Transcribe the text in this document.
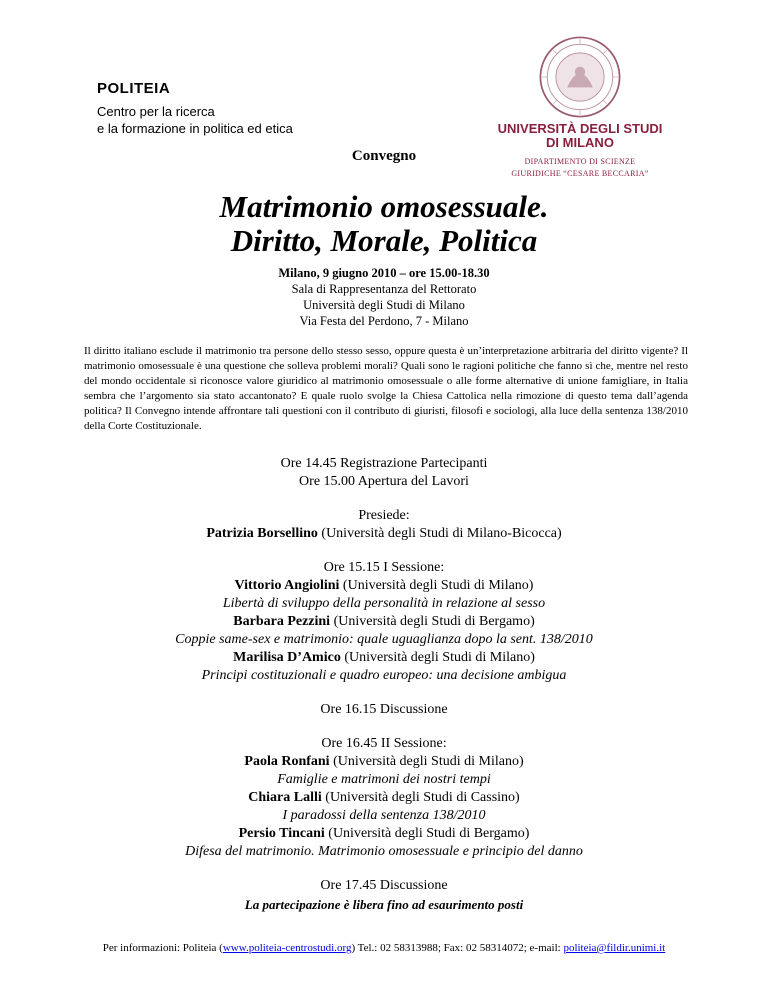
POLITEIA
Centro per la ricerca
e la formazione in politica ed etica	UNIVERSITÀ DEGLI STUDI
DI MILANO
DIPARTIMENTO DI SCIENZE
GIURIDICHE “CESARE BECCARIA”
Convegno
Matrimonio omosessuale.
Diritto, Morale, Politica
Milano, 9 giugno 2010 – ore 15.00-18.30
Sala di Rappresentanza del Rettorato
Università degli Studi di Milano
Via Festa del Perdono, 7 - Milano
Il diritto italiano esclude il matrimonio tra persone dello stesso sesso, oppure questa è un’interpretazione arbitraria del diritto vigente? Il matrimonio omosessuale è una questione che solleva problemi morali? Quali sono le ragioni politiche che fanno sì che, mentre nel resto del mondo occidentale si riconosce valore giuridico al matrimonio omosessuale o alle forme alternative di unione famigliare, in Italia sembra che l’argomento sia stato accantonato? E quale ruolo svolge la Chiesa Cattolica nella rimozione di questo tema dall’agenda politica? Il Convegno intende affrontare tali questioni con il contributo di giuristi, filosofi e sociologi, alla luce della sentenza 138/2010 della Corte Costituzionale.
Ore 14.45 Registrazione Partecipanti
Ore 15.00 Apertura del Lavori
Presiede:
Patrizia Borsellino (Università degli Studi di Milano-Bicocca)
Ore 15.15 I Sessione:
Vittorio Angiolini (Università degli Studi di Milano)
Libertà di sviluppo della personalità in relazione al sesso
Barbara Pezzini (Università degli Studi di Bergamo)
Coppie same-sex e matrimonio: quale uguaglianza dopo la sent. 138/2010
Marilisa D’Amico (Università degli Studi di Milano)
Principi costituzionali e quadro europeo: una decisione ambigua
Ore 16.15 Discussione
Ore 16.45 II Sessione:
Paola Ronfani (Università degli Studi di Milano)
Famiglie e matrimoni dei nostri tempi
Chiara Lalli (Università degli Studi di Cassino)
I paradossi della sentenza 138/2010
Persio Tincani (Università degli Studi di Bergamo)
Difesa del matrimonio. Matrimonio omosessuale e principio del danno
Ore 17.45 Discussione
La partecipazione è libera fino ad esaurimento posti
Per informazioni: Politeia (www.politeia-centrostudi.org) Tel.: 02 58313988; Fax: 02 58314072; e-mail: politeia@fildir.unimi.it
